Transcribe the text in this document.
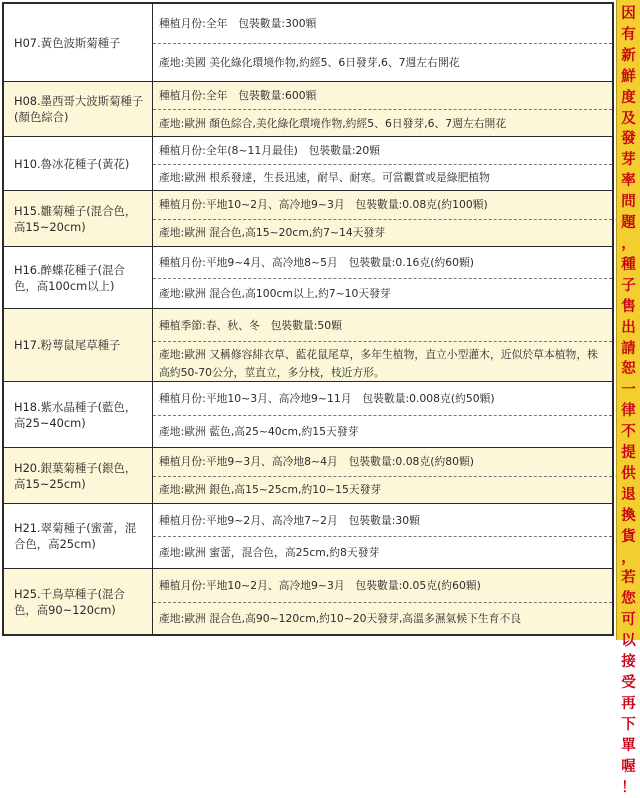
H07.黃色波斯菊種子
種植月份:全年　包裝數量:300顆
產地:美國 美化綠化環境作物,約經5、6日發芽,6、7週左右開花
H08.墨西哥大波斯菊種子(顏色綜合)
種植月份:全年　包裝數量:600顆
產地:歐洲 顏色綜合,美化綠化環境作物,約經5、6日發芽,6、7週左右開花
H10.魯冰花種子(黃花)
種植月份:全年(8~11月最佳)　包裝數量:20顆
產地:歐洲 根系發達，生長迅速，耐旱、耐寒。可當觀賞或是綠肥植物
H15.雛菊種子(混合色，高15~20cm)
種植月份:平地10~2月、高冷地9~3月　包裝數量:0.08克(約100顆)
產地:歐洲 混合色,高15~20cm,約7~14天發芽
H16.醉蝶花種子(混合色，高100cm以上)
種植月份:平地9~4月、高冷地8~5月　包裝數量:0.16克(約60顆)
產地:歐洲 混合色,高100cm以上,約7~10天發芽
H17.粉萼鼠尾草種子
種植季節:春、秋、冬　包裝數量:50顆
產地:歐洲 又稱修容緋衣草、藍花鼠尾草，多年生植物，直立小型灌木，近似於草本植物，株高約50-70公分，莖直立，多分枝，枝近方形。
H18.紫水晶種子(藍色，高25~40cm)
種植月份:平地10~3月、高冷地9~11月　包裝數量:0.008克(約50顆)
產地:歐洲 藍色,高25~40cm,約15天發芽
H20.銀葉菊種子(銀色，高15~25cm)
種植月份:平地9~3月、高冷地8~4月　包裝數量:0.08克(約80顆)
產地:歐洲 銀色,高15~25cm,約10~15天發芽
H21.翠菊種子(蜜蕾，混合色，高25cm)
種植月份:平地9~2月、高冷地7~2月　包裝數量:30顆
產地:歐洲 蜜蕾，混合色，高25cm,約8天發芽
H25.千鳥草種子(混合色，高90~120cm)
種植月份:平地10~2月、高冷地9~3月　包裝數量:0.05克(約60顆)
產地:歐洲 混合色,高90~120cm,約10~20天發芽,高溫多濕氣候下生育不良
因
有
新
鮮
度
及
發
芽
率
問
題
，
種
子
售
出
請
恕
一
律
不
提
供
退
換
貨
，
若
您
可
以
接
受
再
下
單
喔
！
